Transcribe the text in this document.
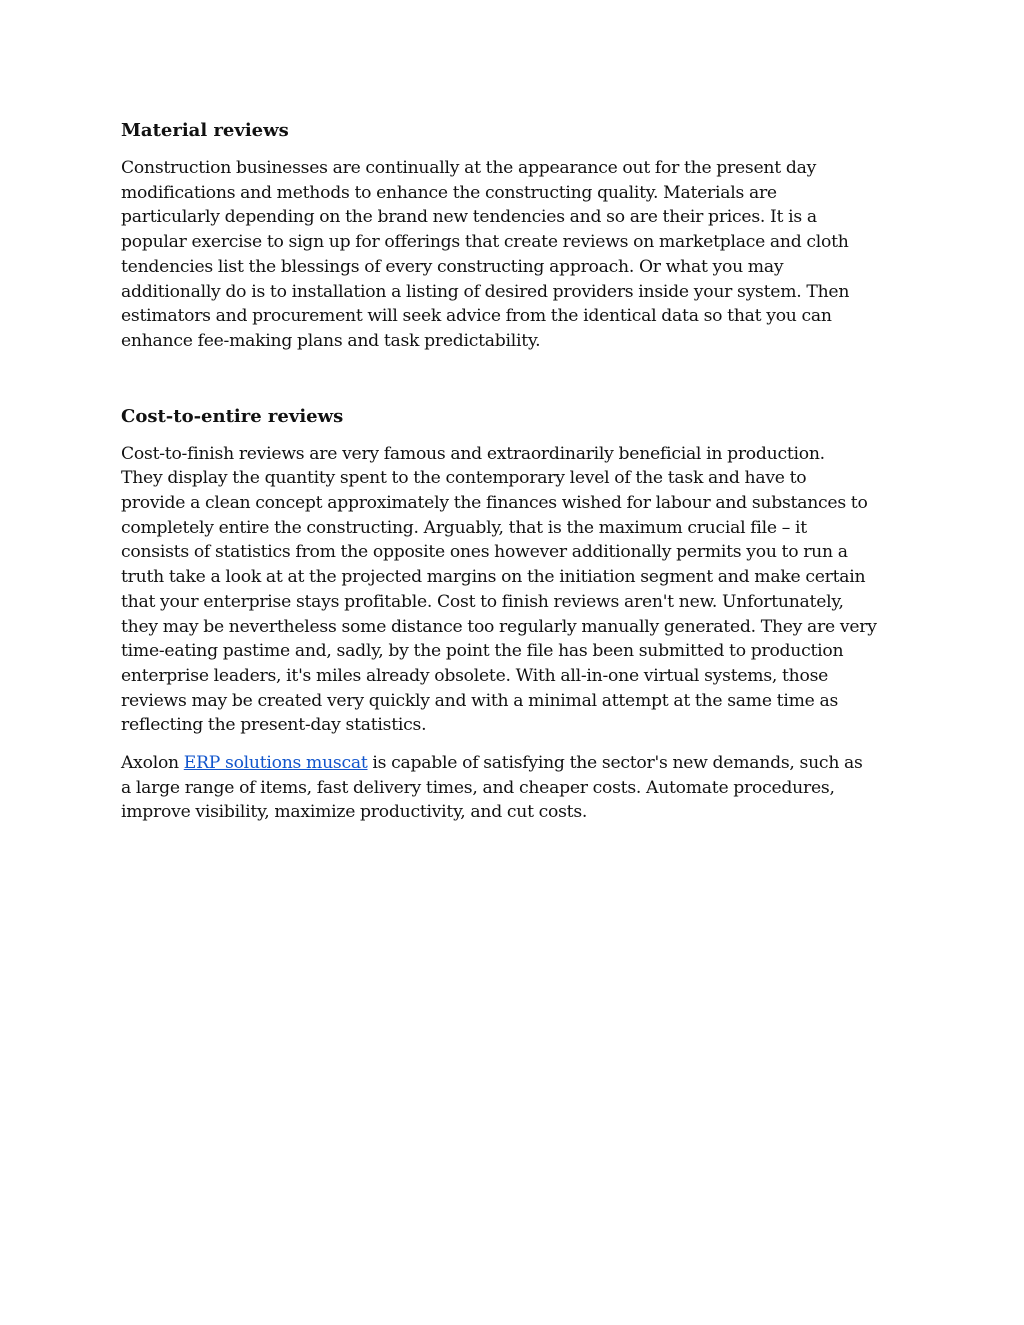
Material reviews

Construction businesses are continually at the appearance out for the present day
modifications and methods to enhance the constructing quality. Materials are
particularly depending on the brand new tendencies and so are their prices. It is a
popular exercise to sign up for offerings that create reviews on marketplace and cloth
tendencies list the blessings of every constructing approach. Or what you may
additionally do is to installation a listing of desired providers inside your system. Then
estimators and procurement will seek advice from the identical data so that you can
enhance fee-making plans and task predictability.

Cost-to-entire reviews

Cost-to-finish reviews are very famous and extraordinarily beneficial in production.
They display the quantity spent to the contemporary level of the task and have to
provide a clean concept approximately the finances wished for labour and substances to
completely entire the constructing. Arguably, that is the maximum crucial file – it
consists of statistics from the opposite ones however additionally permits you to run a
truth take a look at at the projected margins on the initiation segment and make certain
that your enterprise stays profitable. Cost to finish reviews aren't new. Unfortunately,
they may be nevertheless some distance too regularly manually generated. They are very
time-eating pastime and, sadly, by the point the file has been submitted to production
enterprise leaders, it's miles already obsolete. With all-in-one virtual systems, those
reviews may be created very quickly and with a minimal attempt at the same time as
reflecting the present-day statistics.

Axolon ERP solutions muscat is capable of satisfying the sector's new demands, such as
a large range of items, fast delivery times, and cheaper costs. Automate procedures,
improve visibility, maximize productivity, and cut costs.
